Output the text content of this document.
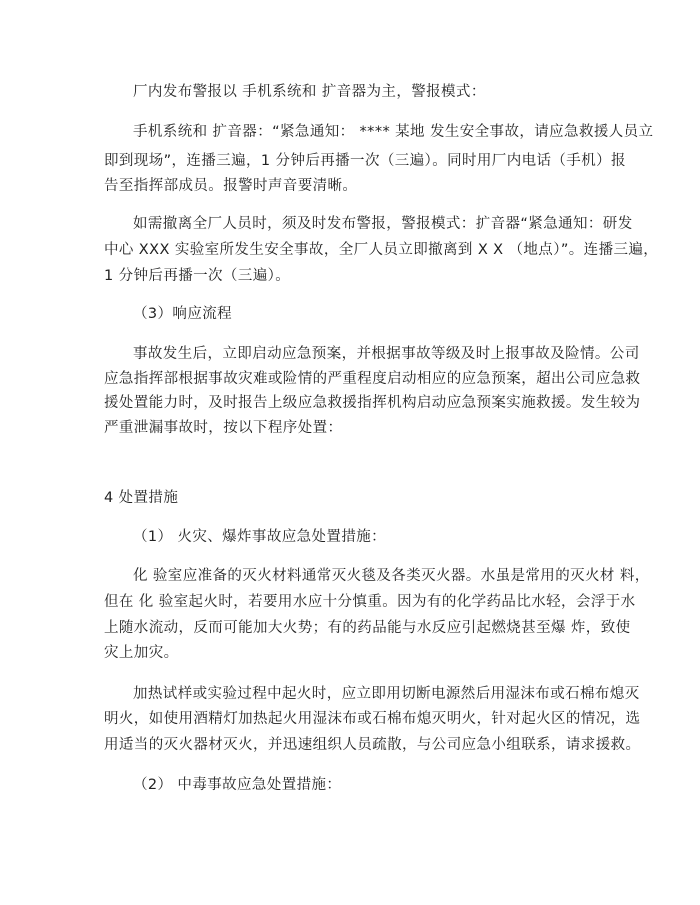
厂内发布警报以 手机系统和 扩音器为主，警报模式：
手机系统和 扩音器：“紧急通知： **** 某地 发生安全事故，请应急救援人员立
即到现场”，连播三遍，1 分钟后再播一次（三遍）。同时用厂内电话（手机）报
告至指挥部成员。报警时声音要清晰。
如需撤离全厂人员时，须及时发布警报，警报模式：扩音器“紧急通知：研发
中心 XXX 实验室所发生安全事故，全厂人员立即撤离到 X X （地点）”。连播三遍，
1 分钟后再播一次（三遍）。
（3）响应流程
事故发生后，立即启动应急预案，并根据事故等级及时上报事故及险情。公司
应急指挥部根据事故灾难或险情的严重程度启动相应的应急预案，超出公司应急救
援处置能力时，及时报告上级应急救援指挥机构启动应急预案实施救援。发生较为
严重泄漏事故时，按以下程序处置：
4 处置措施
（1） 火灾、爆炸事故应急处置措施：
化 验室应准备的灭火材料通常灭火毯及各类灭火器。水虽是常用的灭火材 料，
但在 化 验室起火时，若要用水应十分慎重。因为有的化学药品比水轻，会浮于水
上随水流动，反而可能加大火势；有的药品能与水反应引起燃烧甚至爆 炸，致使
灾上加灾。
加热试样或实验过程中起火时，应立即用切断电源然后用湿沫布或石棉布熄灭
明火，如使用酒精灯加热起火用湿沫布或石棉布熄灭明火，针对起火区的情况，选
用适当的灭火器材灭火，并迅速组织人员疏散，与公司应急小组联系，请求援救。
（2） 中毒事故应急处置措施：
